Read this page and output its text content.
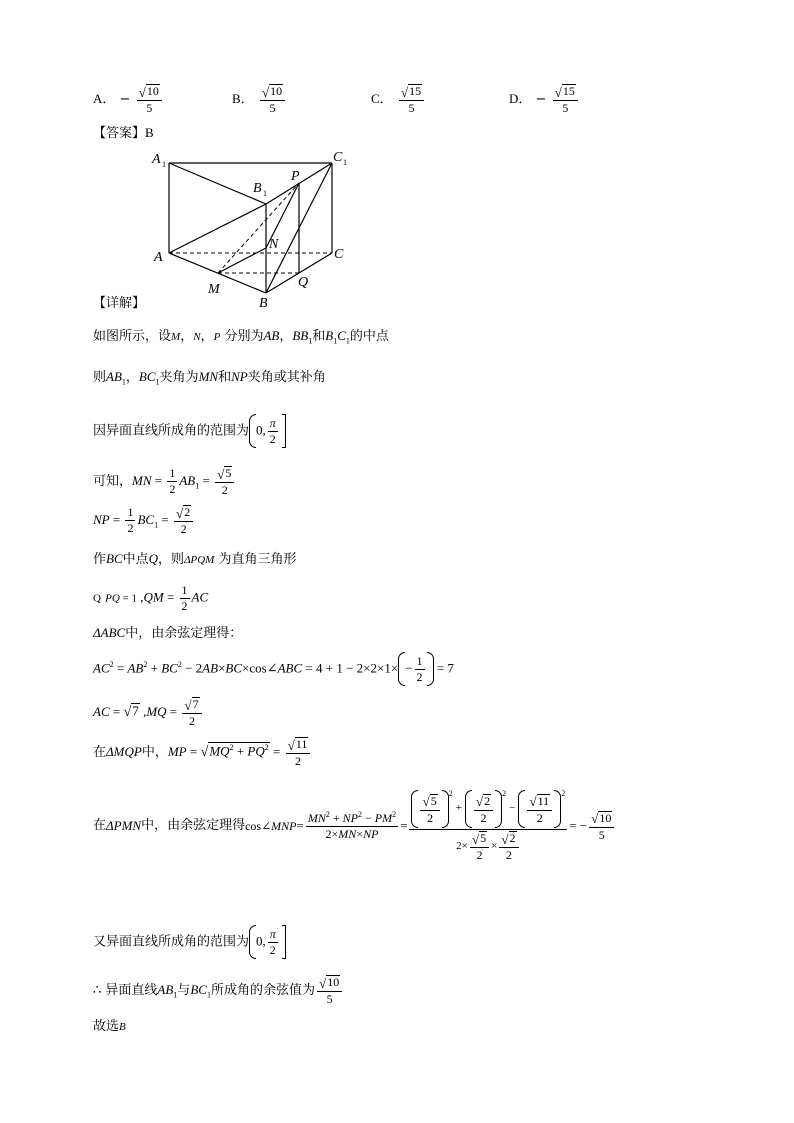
A． − $\frac{√ 10}{5}$	B． $\frac{√ 10}{5}$	C． $\frac{√ 15}{5}$	D． − $\frac{√ 15}{5}$
【答案】B
A 1	C 1
B 1
P
N
A	C
M
B
Q
【详解】
如图所示，设M，N，P 分别为AB，$BB_1$和$B_1C_1$的中点
则$AB_1$，$BC_1$夹角为MN和NP夹角或其补角
因异面直线所成角的范围为 0, $\frac{\pi}{2}$
可知，MN = $\frac{1}{2} AB_1 = \frac{√ 5}{2}$
NP = $\frac{1}{2} BC_1 = \frac{√ 2}{2}$
作BC中点Q，则ΔPQM 为直角三角形
Q PQ = 1 $,QM = \frac{1}{2}$ AC
ΔABC中，由余弦定理得：
$AC^2 = AB^2 + BC^2$ − 2AB×BC×cos∠ABC = $4 + 1 - 2\times 2\times 1\times - \frac{1}{2} = 7$
AC = √ 7 $,MQ = \frac{√ 7}{2}$
在ΔMQP中，MP = √ $MQ^2 + PQ^2 = \frac{√ 11}{2}$
在 ΔPMN 中，由余弦定理得 cos∠ MNP = $\frac{MN^2 + NP^2 - PM^2}{2\times MN\times NP} = \frac{√ 5}{2}$
$^2$
+ $\frac{√ 2}{2}$
$^2$
− $\frac{√ 11}{2}$
$^2$
$2\times \frac{√ 5}{2} \times \frac{√ 2}{2}$ = − $\frac{√ 10}{5}$
又异面直线所成角的范围为 0, $\frac{\pi}{2}$
∴ 异面直线$AB_1$与$BC_1$所成角的余弦值为 $\frac{√ 10}{5}$
故选B
